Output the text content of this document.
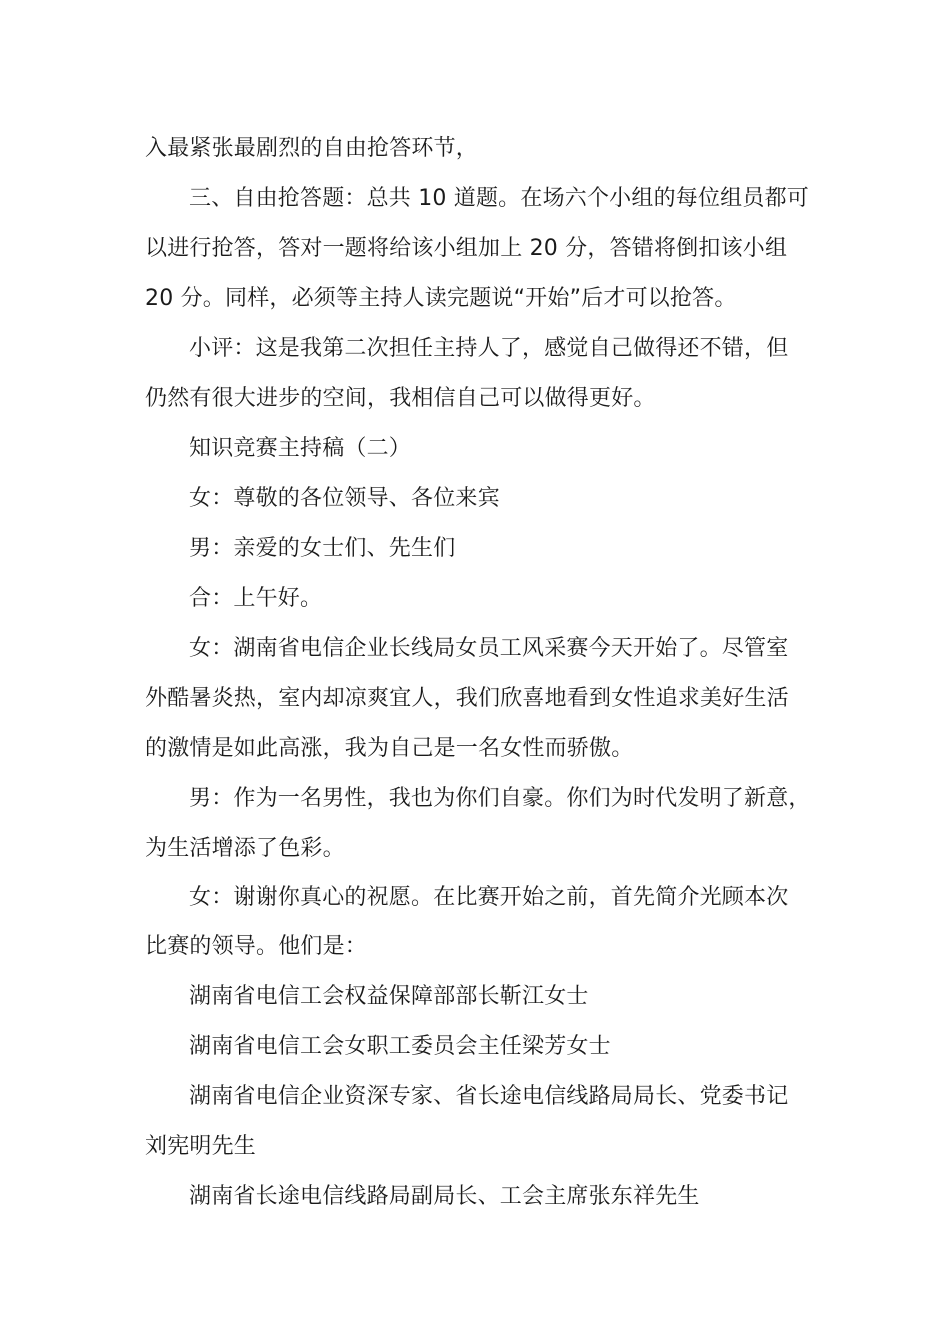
入最紧张最剧烈的自由抢答环节，
三、自由抢答题：总共 10 道题。在场六个小组的每位组员都可
以进行抢答，答对一题将给该小组加上 20 分，答错将倒扣该小组
20 分。同样，必须等主持人读完题说“开始”后才可以抢答。
小评：这是我第二次担任主持人了，感觉自己做得还不错，但
仍然有很大进步的空间，我相信自己可以做得更好。
知识竞赛主持稿（二）
女：尊敬的各位领导、各位来宾
男：亲爱的女士们、先生们
合：上午好。
女：湖南省电信企业长线局女员工风采赛今天开始了。尽管室
外酷暑炎热，室内却凉爽宜人，我们欣喜地看到女性追求美好生活
的激情是如此高涨，我为自己是一名女性而骄傲。
男：作为一名男性，我也为你们自豪。你们为时代发明了新意，
为生活增添了色彩。
女：谢谢你真心的祝愿。在比赛开始之前，首先简介光顾本次
比赛的领导。他们是：
湖南省电信工会权益保障部部长靳江女士
湖南省电信工会女职工委员会主任梁芳女士
湖南省电信企业资深专家、省长途电信线路局局长、党委书记
刘宪明先生
湖南省长途电信线路局副局长、工会主席张东祥先生
